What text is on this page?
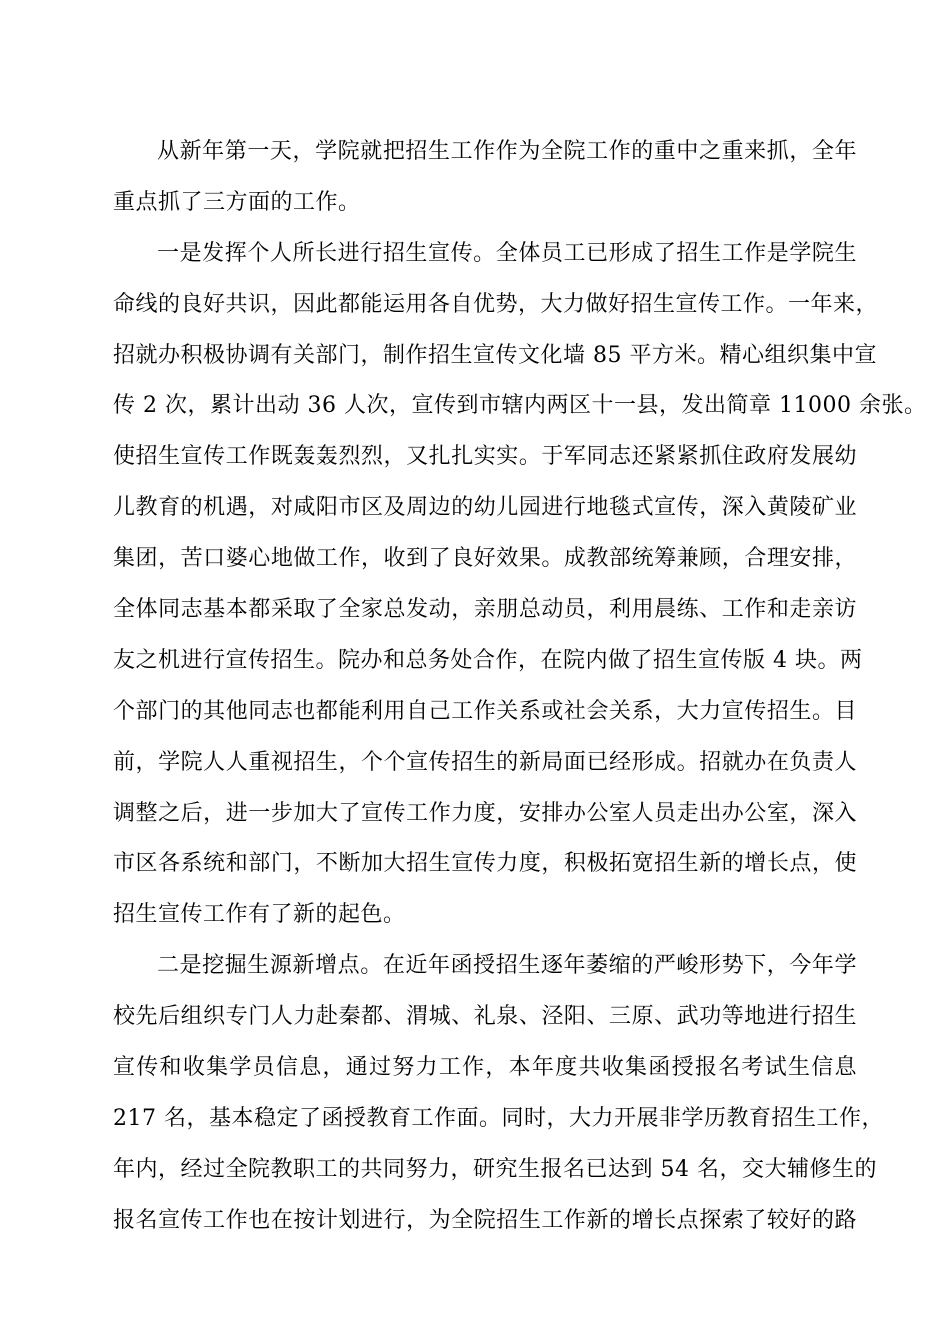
从新年第一天，学院就把招生工作作为全院工作的重中之重来抓，全年
重点抓了三方面的工作。
一是发挥个人所长进行招生宣传。全体员工已形成了招生工作是学院生
命线的良好共识，因此都能运用各自优势，大力做好招生宣传工作。一年来，
招就办积极协调有关部门，制作招生宣传文化墙 85 平方米。精心组织集中宣
传 2 次，累计出动 36 人次，宣传到市辖内两区十一县，发出简章 11000 余张。
使招生宣传工作既轰轰烈烈，又扎扎实实。于军同志还紧紧抓住政府发展幼
儿教育的机遇，对咸阳市区及周边的幼儿园进行地毯式宣传，深入黄陵矿业
集团，苦口婆心地做工作，收到了良好效果。成教部统筹兼顾，合理安排，
全体同志基本都采取了全家总发动，亲朋总动员，利用晨练、工作和走亲访
友之机进行宣传招生。院办和总务处合作，在院内做了招生宣传版 4 块。两
个部门的其他同志也都能利用自己工作关系或社会关系，大力宣传招生。目
前，学院人人重视招生，个个宣传招生的新局面已经形成。招就办在负责人
调整之后，进一步加大了宣传工作力度，安排办公室人员走出办公室，深入
市区各系统和部门，不断加大招生宣传力度，积极拓宽招生新的增长点，使
招生宣传工作有了新的起色。
二是挖掘生源新增点。在近年函授招生逐年萎缩的严峻形势下，今年学
校先后组织专门人力赴秦都、渭城、礼泉、泾阳、三原、武功等地进行招生
宣传和收集学员信息，通过努力工作，本年度共收集函授报名考试生信息
217 名，基本稳定了函授教育工作面。同时，大力开展非学历教育招生工作，
年内，经过全院教职工的共同努力，研究生报名已达到 54 名，交大辅修生的
报名宣传工作也在按计划进行，为全院招生工作新的增长点探索了较好的路
